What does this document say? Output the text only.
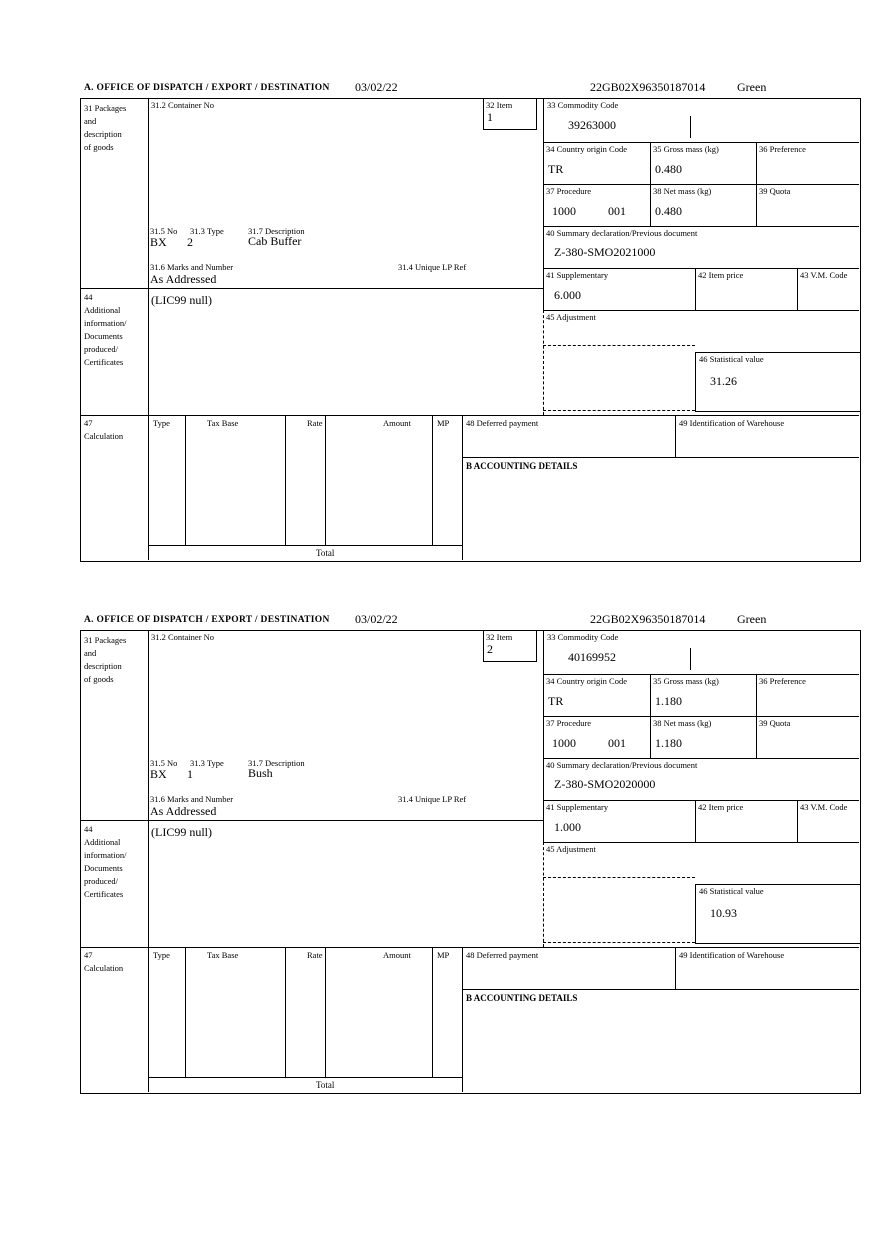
A. OFFICE OF DISPATCH / EXPORT / DESTINATION 03/02/22	22GB02X96350187014	Green
31 Packages
and
description
of goods
44
Additional
information/
Documents
produced/
Certificates
47
Calculation
31.2 Container No
31.5 No 31.3 Type	31.7 Description
BX 2	Cab Buffer
31.6 Marks and Number	31.4 Unique LP Ref
As Addressed
(LIC99 null)
32 Item
1
33 Commodity Code
39263000
34 Country origin Code
TR
35 Gross mass (kg)
0.480
36 Preference
37 Procedure
1000	001
38 Net mass (kg)
0.480
39 Quota
40 Summary declaration/Previous document
Z-380-SMO2021000
41 Supplementary
6.000
42 Item price	43 V.M. Code
45 Adjustment
46 Statistical value
31.26
Type	Tax Base	Rate	Amount	MP
Total
48 Deferred payment	49 Identification of Warehouse
B ACCOUNTING DETAILS
A. OFFICE OF DISPATCH / EXPORT / DESTINATION 03/02/22	22GB02X96350187014	Green
31 Packages
and
description
of goods
44
Additional
information/
Documents
produced/
Certificates
47
Calculation
31.2 Container No
31.5 No 31.3 Type	31.7 Description
BX 1	Bush
31.6 Marks and Number	31.4 Unique LP Ref
As Addressed
(LIC99 null)
32 Item
2
33 Commodity Code
40169952
34 Country origin Code
TR
35 Gross mass (kg)
1.180
36 Preference
37 Procedure
1000	001
38 Net mass (kg)
1.180
39 Quota
40 Summary declaration/Previous document
Z-380-SMO2020000
41 Supplementary
1.000
42 Item price	43 V.M. Code
45 Adjustment
46 Statistical value
10.93
Type	Tax Base	Rate	Amount	MP
Total
48 Deferred payment	49 Identification of Warehouse
B ACCOUNTING DETAILS
